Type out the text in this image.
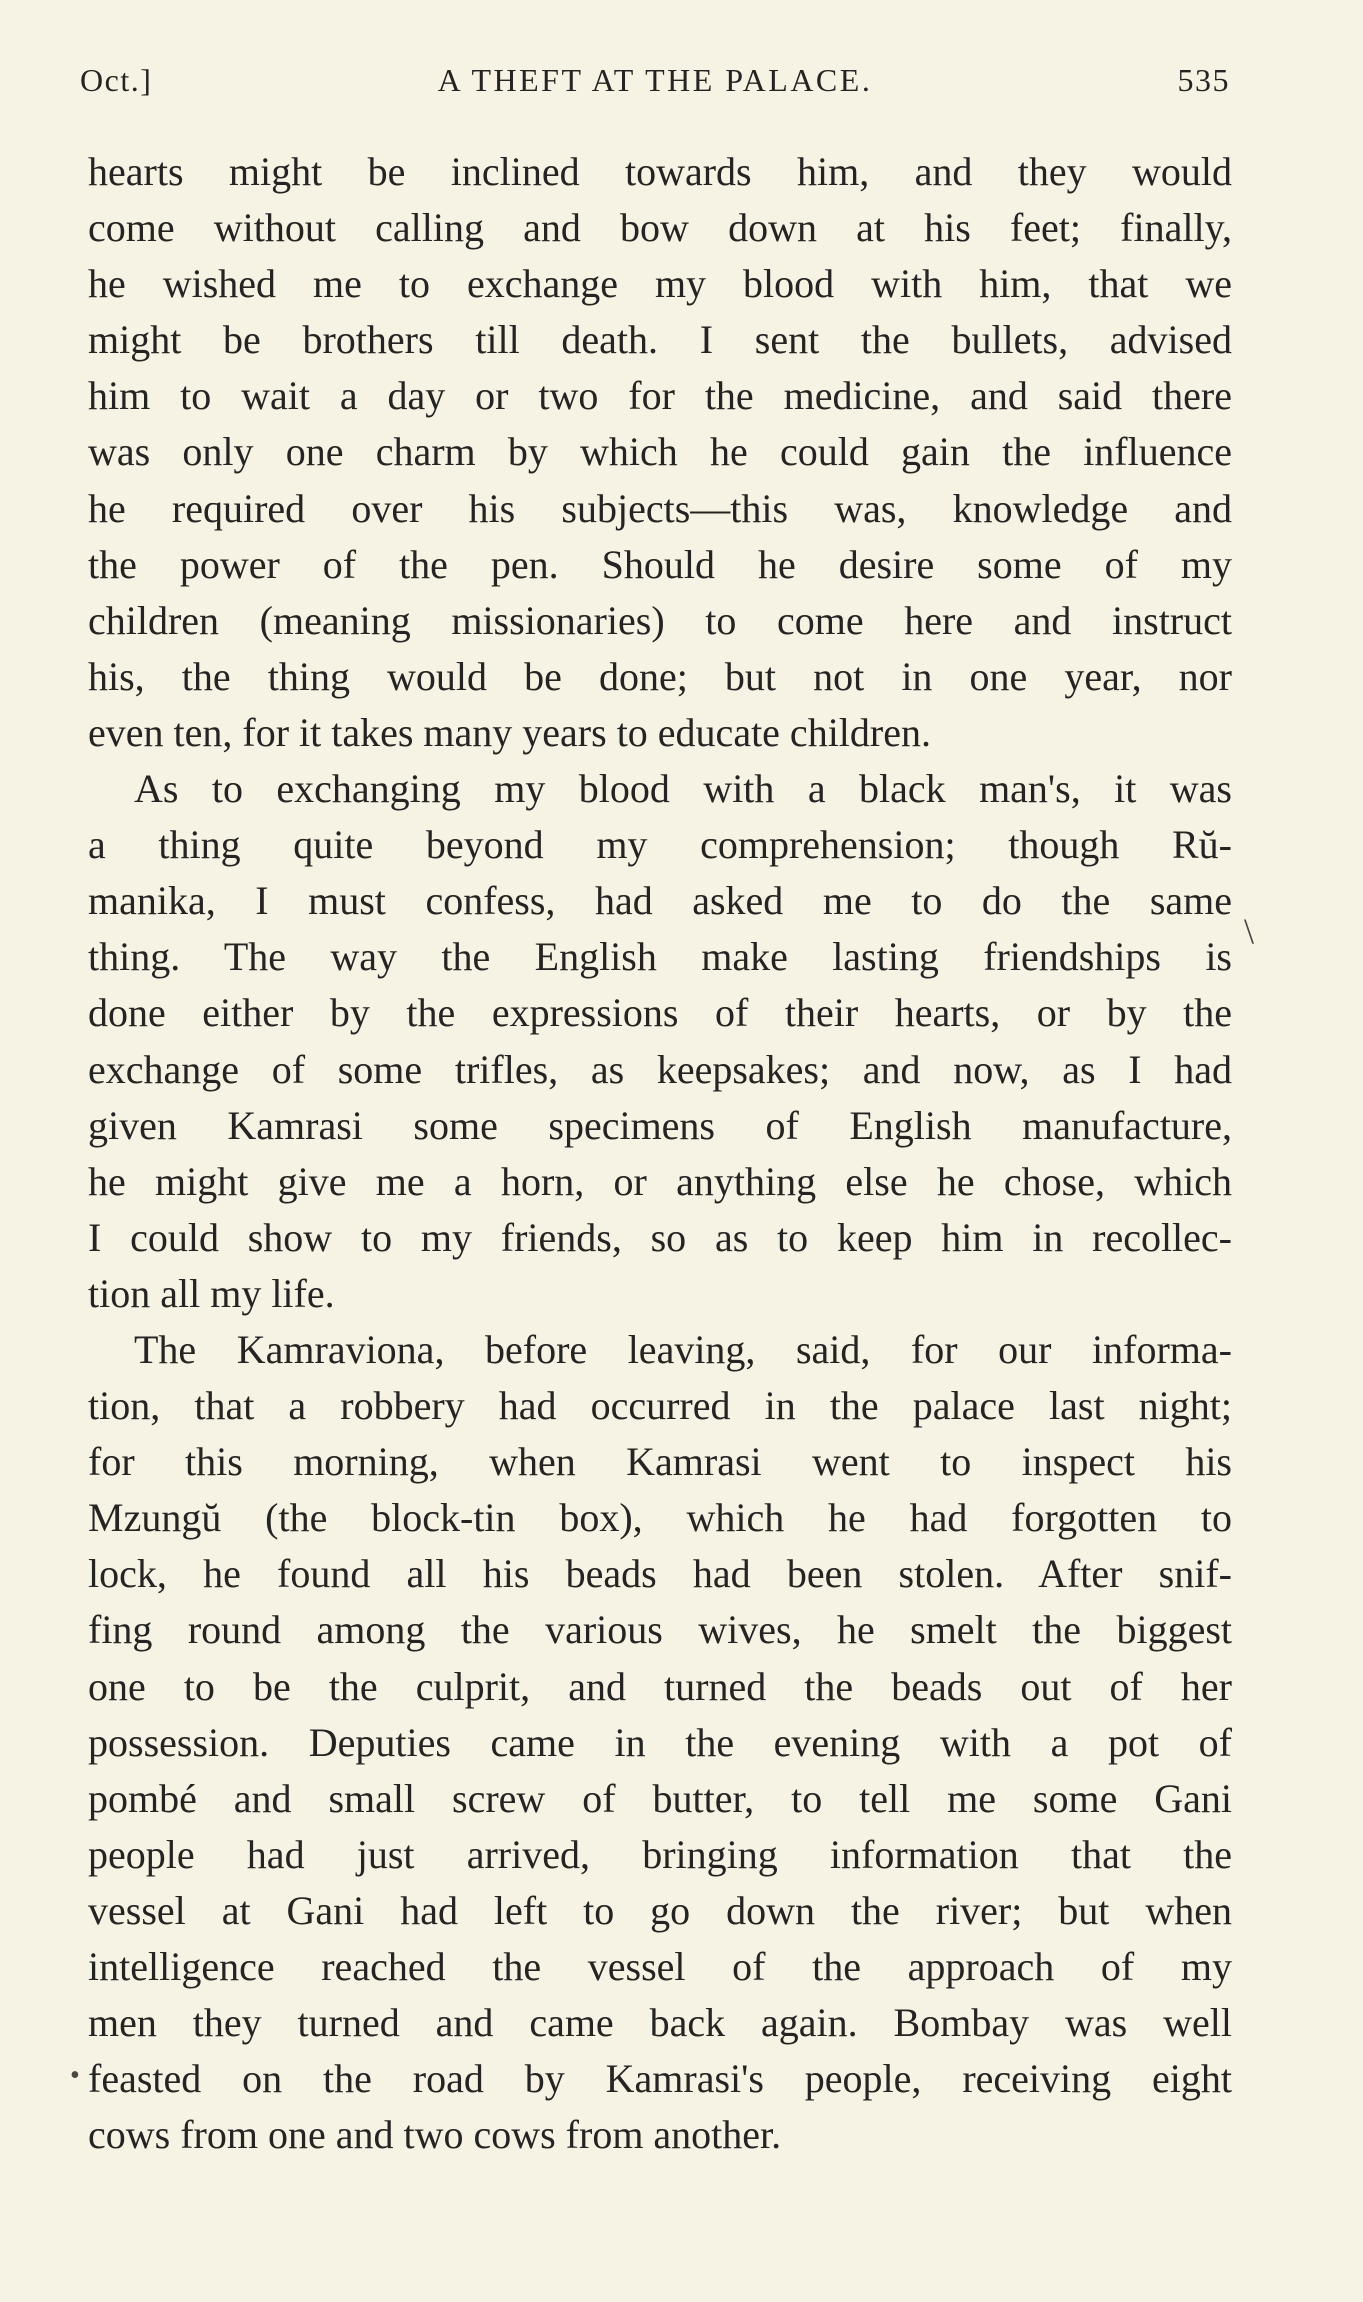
Oct.]	A THEFT AT THE PALACE.	535
hearts might be inclined towards him, and they would
come without calling and bow down at his feet; finally,
he wished me to exchange my blood with him, that we
might be brothers till death. I sent the bullets, advised
him to wait a day or two for the medicine, and said there
was only one charm by which he could gain the influence
he required over his subjects—this was, knowledge and
the power of the pen. Should he desire some of my
children (meaning missionaries) to come here and instruct
his, the thing would be done; but not in one year, nor
even ten, for it takes many years to educate children.
As to exchanging my blood with a black man's, it was
a thing quite beyond my comprehension; though Rŭ-
manika, I must confess, had asked me to do the same
thing. The way the English make lasting friendships is
done either by the expressions of their hearts, or by the
exchange of some trifles, as keepsakes; and now, as I had
given Kamrasi some specimens of English manufacture,
he might give me a horn, or anything else he chose, which
I could show to my friends, so as to keep him in recollec-
tion all my life.
The Kamraviona, before leaving, said, for our informa-
tion, that a robbery had occurred in the palace last night;
for this morning, when Kamrasi went to inspect his
Mzungŭ (the block-tin box), which he had forgotten to
lock, he found all his beads had been stolen. After snif-
fing round among the various wives, he smelt the biggest
one to be the culprit, and turned the beads out of her
possession. Deputies came in the evening with a pot of
pombé and small screw of butter, to tell me some Gani
people had just arrived, bringing information that the
vessel at Gani had left to go down the river; but when
intelligence reached the vessel of the approach of my
men they turned and came back again. Bombay was well
feasted on the road by Kamrasi's people, receiving eight
cows from one and two cows from another.
\
•
